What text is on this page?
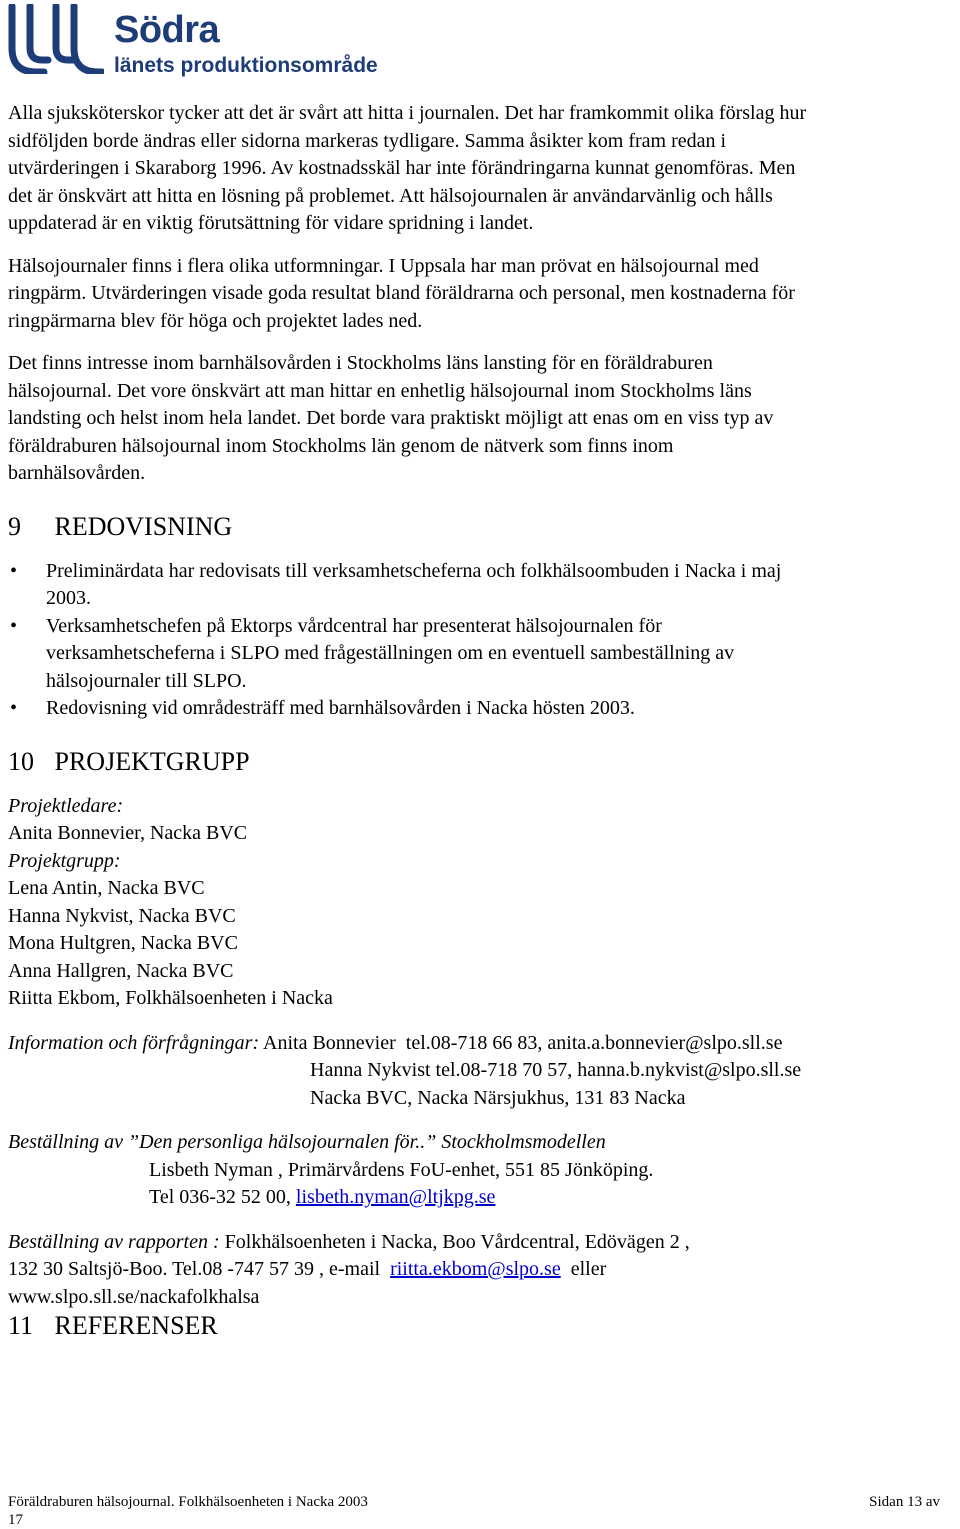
Södra
länets produktionsområde

Alla sjuksköterskor tycker att det är svårt att hitta i journalen. Det har framkommit olika förslag hur
sidföljden borde ändras eller sidorna markeras tydligare. Samma åsikter kom fram redan i
utvärderingen i Skaraborg 1996. Av kostnadsskäl har inte förändringarna kunnat genomföras. Men
det är önskvärt att hitta en lösning på problemet. Att hälsojournalen är användarvänlig och hålls
uppdaterad är en viktig förutsättning för vidare spridning i landet.

Hälsojournaler finns i flera olika utformningar. I Uppsala har man prövat en hälsojournal med
ringpärm. Utvärderingen visade goda resultat bland föräldrarna och personal, men kostnaderna för
ringpärmarna blev för höga och projektet lades ned.

Det finns intresse inom barnhälsovården i Stockholms läns lansting för en föräldraburen
hälsojournal. Det vore önskvärt att man hittar en enhetlig hälsojournal inom Stockholms läns
landsting och helst inom hela landet. Det borde vara praktiskt möjligt att enas om en viss typ av
föräldraburen hälsojournal inom Stockholms län genom de nätverk som finns inom
barnhälsovården.

9 REDOVISNING
• Preliminärdata har redovisats till verksamhetscheferna och folkhälsoombuden i Nacka i maj
2003.
• Verksamhetschefen på Ektorps vårdcentral har presenterat hälsojournalen för
verksamhetscheferna i SLPO med frågeställningen om en eventuell sambeställning av
hälsojournaler till SLPO.
• Redovisning vid områdesträff med barnhälsovården i Nacka hösten 2003.
10 PROJEKTGRUPP
Projektledare:
Anita Bonnevier, Nacka BVC
Projektgrupp:
Lena Antin, Nacka BVC
Hanna Nykvist, Nacka BVC
Mona Hultgren, Nacka BVC
Anna Hallgren, Nacka BVC
Riitta Ekbom, Folkhälsoenheten i Nacka
Information och förfrågningar: Anita Bonnevier  tel.08-718 66 83, anita.a.bonnevier@slpo.sll.se
Hanna Nykvist tel.08-718 70 57, hanna.b.nykvist@slpo.sll.se
Nacka BVC, Nacka Närsjukhus, 131 83 Nacka
Beställning av ”Den personliga hälsojournalen för..” Stockholmsmodellen
Lisbeth Nyman , Primärvårdens FoU-enhet, 551 85 Jönköping.
Tel 036-32 52 00, lisbeth.nyman@ltjkpg.se
Beställning av rapporten : Folkhälsoenheten i Nacka, Boo Vårdcentral, Edövägen 2 ,
132 30 Saltsjö-Boo. Tel.08 -747 57 39 , e-mail  riitta.ekbom@slpo.se  eller
www.slpo.sll.se/nackafolkhalsa
11 REFERENSER
Föräldraburen hälsojournal. Folkhälsoenheten i Nacka 2003	Sidan 13 av
17
